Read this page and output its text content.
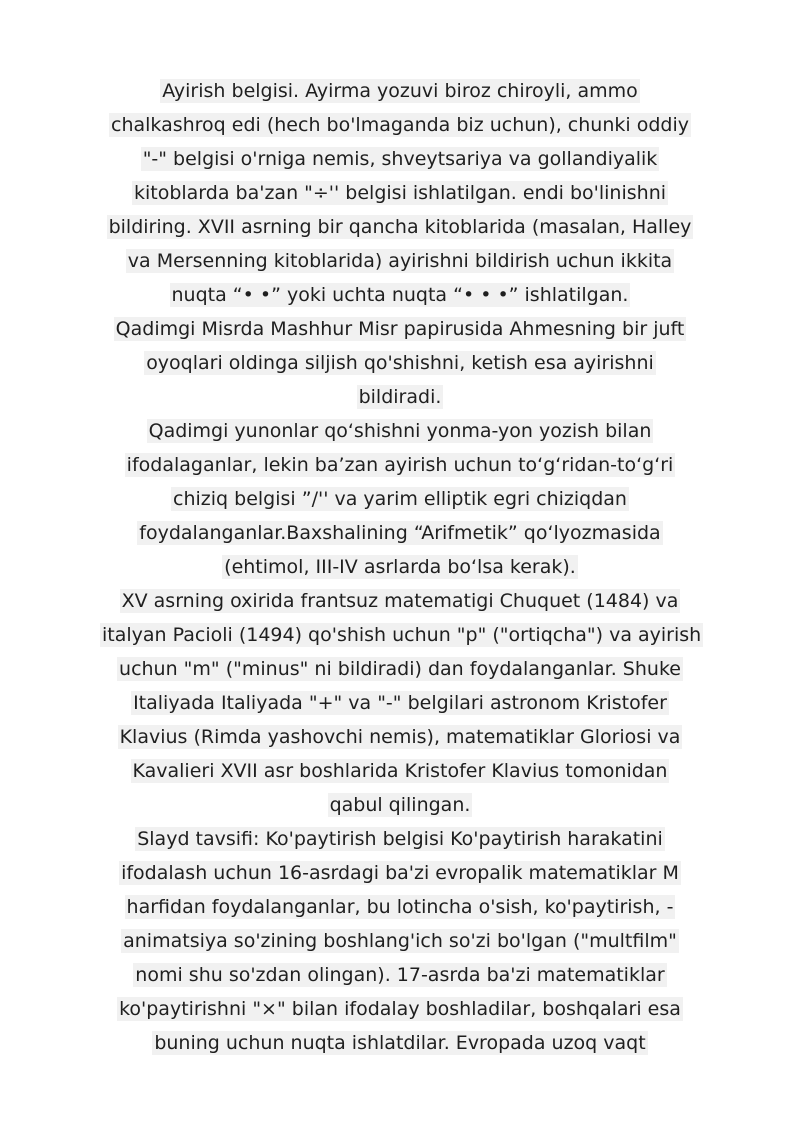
Ayirish belgisi. Ayirma yozuvi biroz chiroyli, ammo
chalkashroq edi (hech bo'lmaganda biz uchun), chunki oddiy
"-" belgisi o'rniga nemis, shveytsariya va gollandiyalik
kitoblarda ba'zan "÷'' belgisi ishlatilgan. endi bo'linishni
bildiring. XVII asrning bir qancha kitoblarida (masalan, Halley
va Mersenning kitoblarida) ayirishni bildirish uchun ikkita
nuqta “• •” yoki uchta nuqta “• • •” ishlatilgan.
Qadimgi Misrda Mashhur Misr papirusida Ahmesning bir juft
oyoqlari oldinga siljish qo'shishni, ketish esa ayirishni
bildiradi.
Qadimgi yunonlar qo‘shishni yonma-yon yozish bilan
ifodalaganlar, lekin ba’zan ayirish uchun to‘g‘ridan-to‘g‘ri
chiziq belgisi ”/'' va yarim elliptik egri chiziqdan
foydalanganlar.Baxshalining “Arifmetik” qo‘lyozmasida
(ehtimol, III-IV asrlarda bo‘lsa kerak).
XV asrning oxirida frantsuz matematigi Chuquet (1484) va
italyan Pacioli (1494) qo'shish uchun "p" ("ortiqcha") va ayirish
uchun "m" ("minus" ni bildiradi) dan foydalanganlar. Shuke
Italiyada Italiyada "+" va "-" belgilari astronom Kristofer
Klavius (Rimda yashovchi nemis), matematiklar Gloriosi va
Kavalieri XVII asr boshlarida Kristofer Klavius tomonidan
qabul qilingan.
Slayd tavsifi: Ko'paytirish belgisi Ko'paytirish harakatini
ifodalash uchun 16-asrdagi ba'zi evropalik matematiklar M
harfidan foydalanganlar, bu lotincha o'sish, ko'paytirish, -
animatsiya so'zining boshlang'ich so'zi bo'lgan ("multfilm"
nomi shu so'zdan olingan). 17-asrda ba'zi matematiklar
ko'paytirishni "×" bilan ifodalay boshladilar, boshqalari esa
buning uchun nuqta ishlatdilar. Evropada uzoq vaqt
